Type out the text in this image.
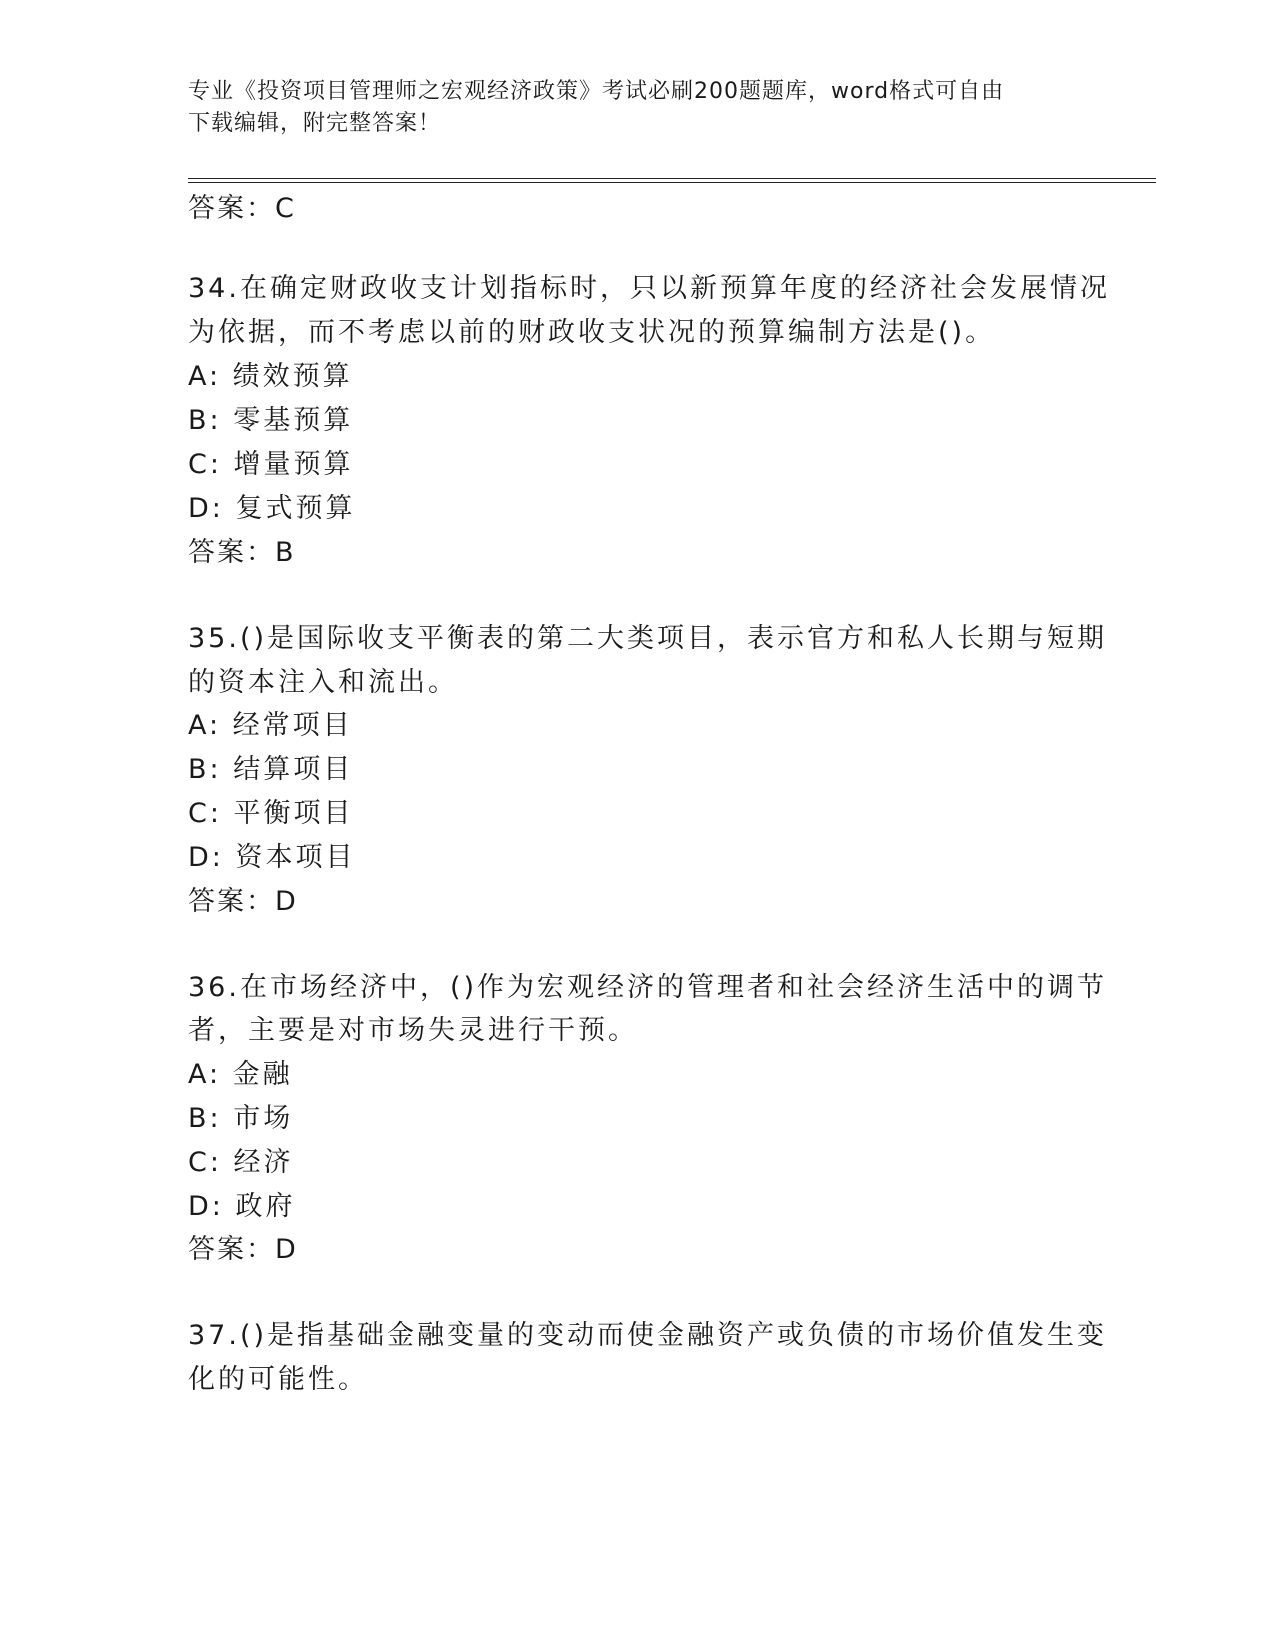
专业《投资项目管理师之宏观经济政策》考试必刷200题题库，word格式可自由
下载编辑，附完整答案！
答案：C
34.在确定财政收支计划指标时，只以新预算年度的经济社会发展情况
为依据，而不考虑以前的财政收支状况的预算编制方法是()。
A: 绩效预算
B: 零基预算
C: 增量预算
D: 复式预算
答案：B
35.()是国际收支平衡表的第二大类项目，表示官方和私人长期与短期
的资本注入和流出。
A: 经常项目
B: 结算项目
C: 平衡项目
D: 资本项目
答案：D
36.在市场经济中，()作为宏观经济的管理者和社会经济生活中的调节
者，主要是对市场失灵进行干预。
A: 金融
B: 市场
C: 经济
D: 政府
答案：D
37.()是指基础金融变量的变动而使金融资产或负债的市场价值发生变
化的可能性。
